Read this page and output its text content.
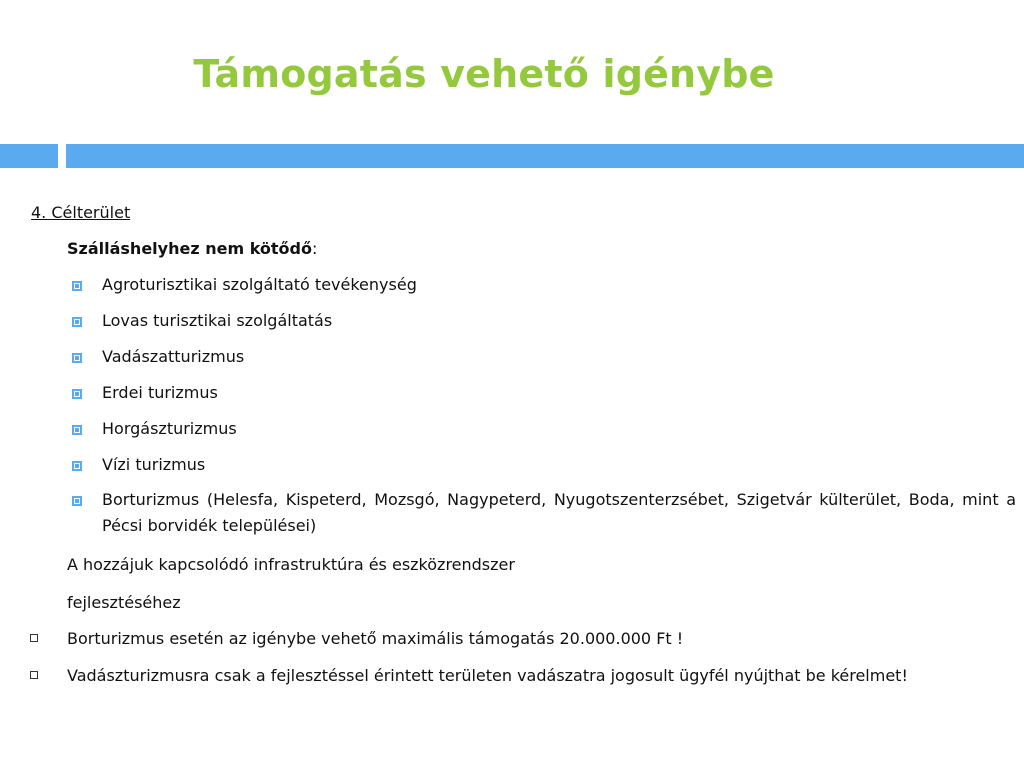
Támogatás vehető igénybe
4. Célterület
Szálláshelyhez nem kötődő:
Agroturisztikai szolgáltató tevékenység
Lovas turisztikai szolgáltatás
Vadászatturizmus
Erdei turizmus
Horgászturizmus
Vízi turizmus
Borturizmus (Helesfa, Kispeterd, Mozsgó, Nagypeterd, Nyugotszenterzsébet, Szigetvár külterület, Boda, mint a Pécsi borvidék települései)
A hozzájuk kapcsolódó infrastruktúra és eszközrendszer
fejlesztéséhez
Borturizmus esetén az igénybe vehető maximális támogatás 20.000.000 Ft !
Vadászturizmusra csak a fejlesztéssel érintett területen vadászatra jogosult ügyfél nyújthat be kérelmet!
